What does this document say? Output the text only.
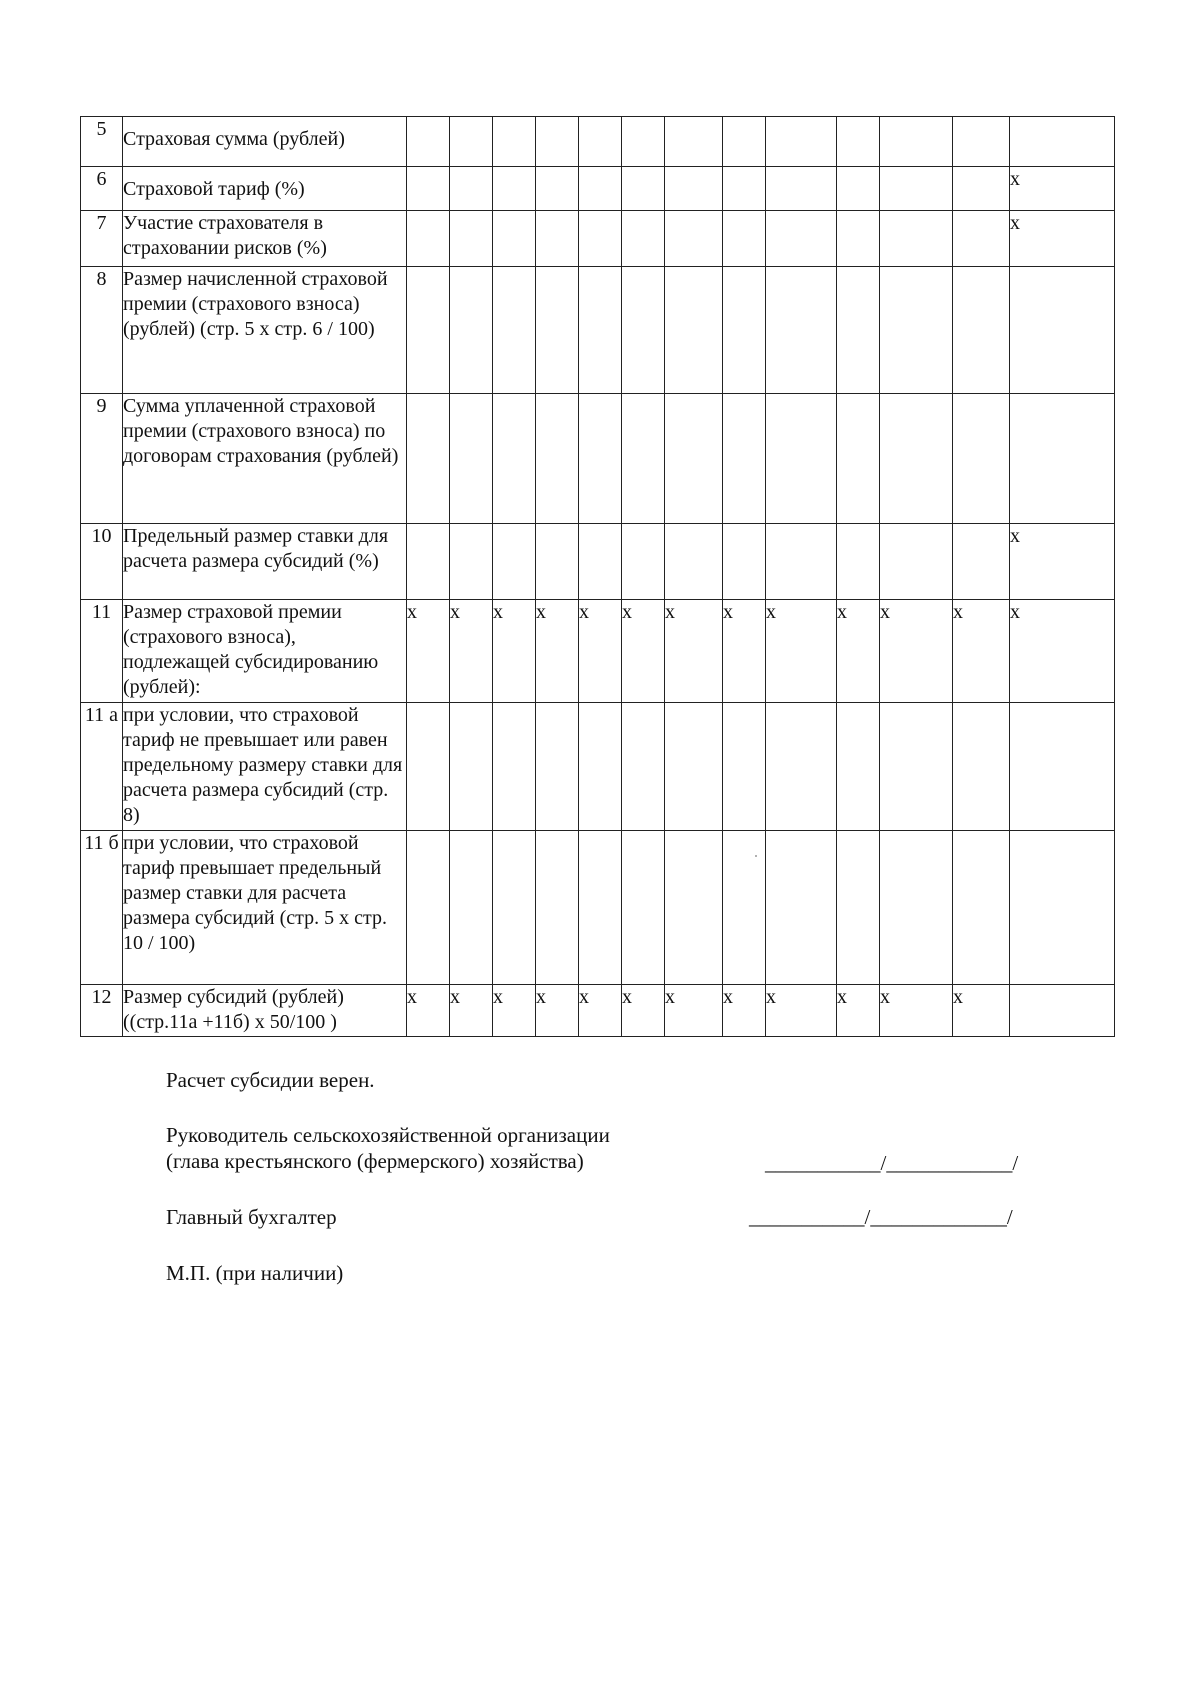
5	Страховая сумма (рублей)													
6	Страховой тариф (%)													x
7	Участие страхователя в страховании рисков (%)													x
8	Размер начисленной страховой премии (страхового взноса) (рублей) (стр. 5 х стр. 6 / 100)													
9	Сумма уплаченной страховой премии (страхового взноса) по договорам страхования (рублей)													
10	Предельный размер ставки для расчета размера субсидий (%)													x
11	Размер страховой премии (страхового взноса), подлежащей субсидированию (рублей):	x	x	x	x	x	x	x	x	x	x	x	x	x
11 а	при условии, что страховой тариф не превышает или равен предельному размеру ставки для расчета размера субсидий (стр. 8)													
11 б	при условии, что страховой тариф превышает предельный размер ставки для расчета размера субсидий (стр. 5 х стр. 10 / 100)													
12	Размер субсидий (рублей) ((стр.11а +11б) х 50/100 )	x	x	x	x	x	x	x	x	x	x	x	x	
Расчет субсидии верен.
Руководитель сельскохозяйственной организации
(глава крестьянского (фермерского) хозяйства)	___________/____________/
Главный бухгалтер	___________/_____________/
М.П. (при наличии)
